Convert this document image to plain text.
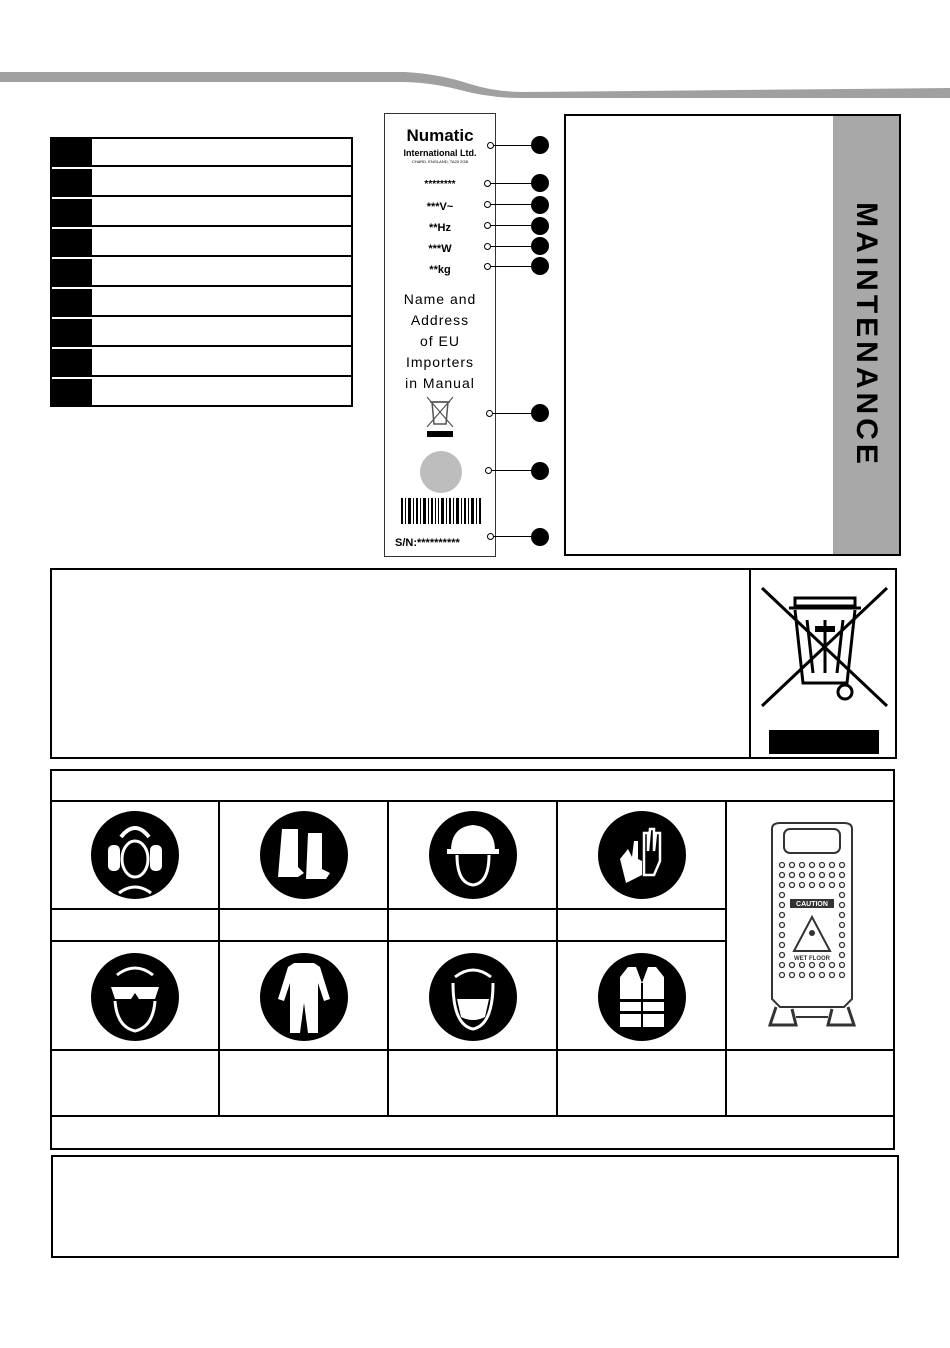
Numatic
International Ltd.
CHARD, ENGLAND, TA20 2GB
********
***V~
**Hz
***W
**kg
Name and
Address
of EU
Importers
in Manual
S/N:**********
MAINTENANCE
CAUTION
WET FLOOR
